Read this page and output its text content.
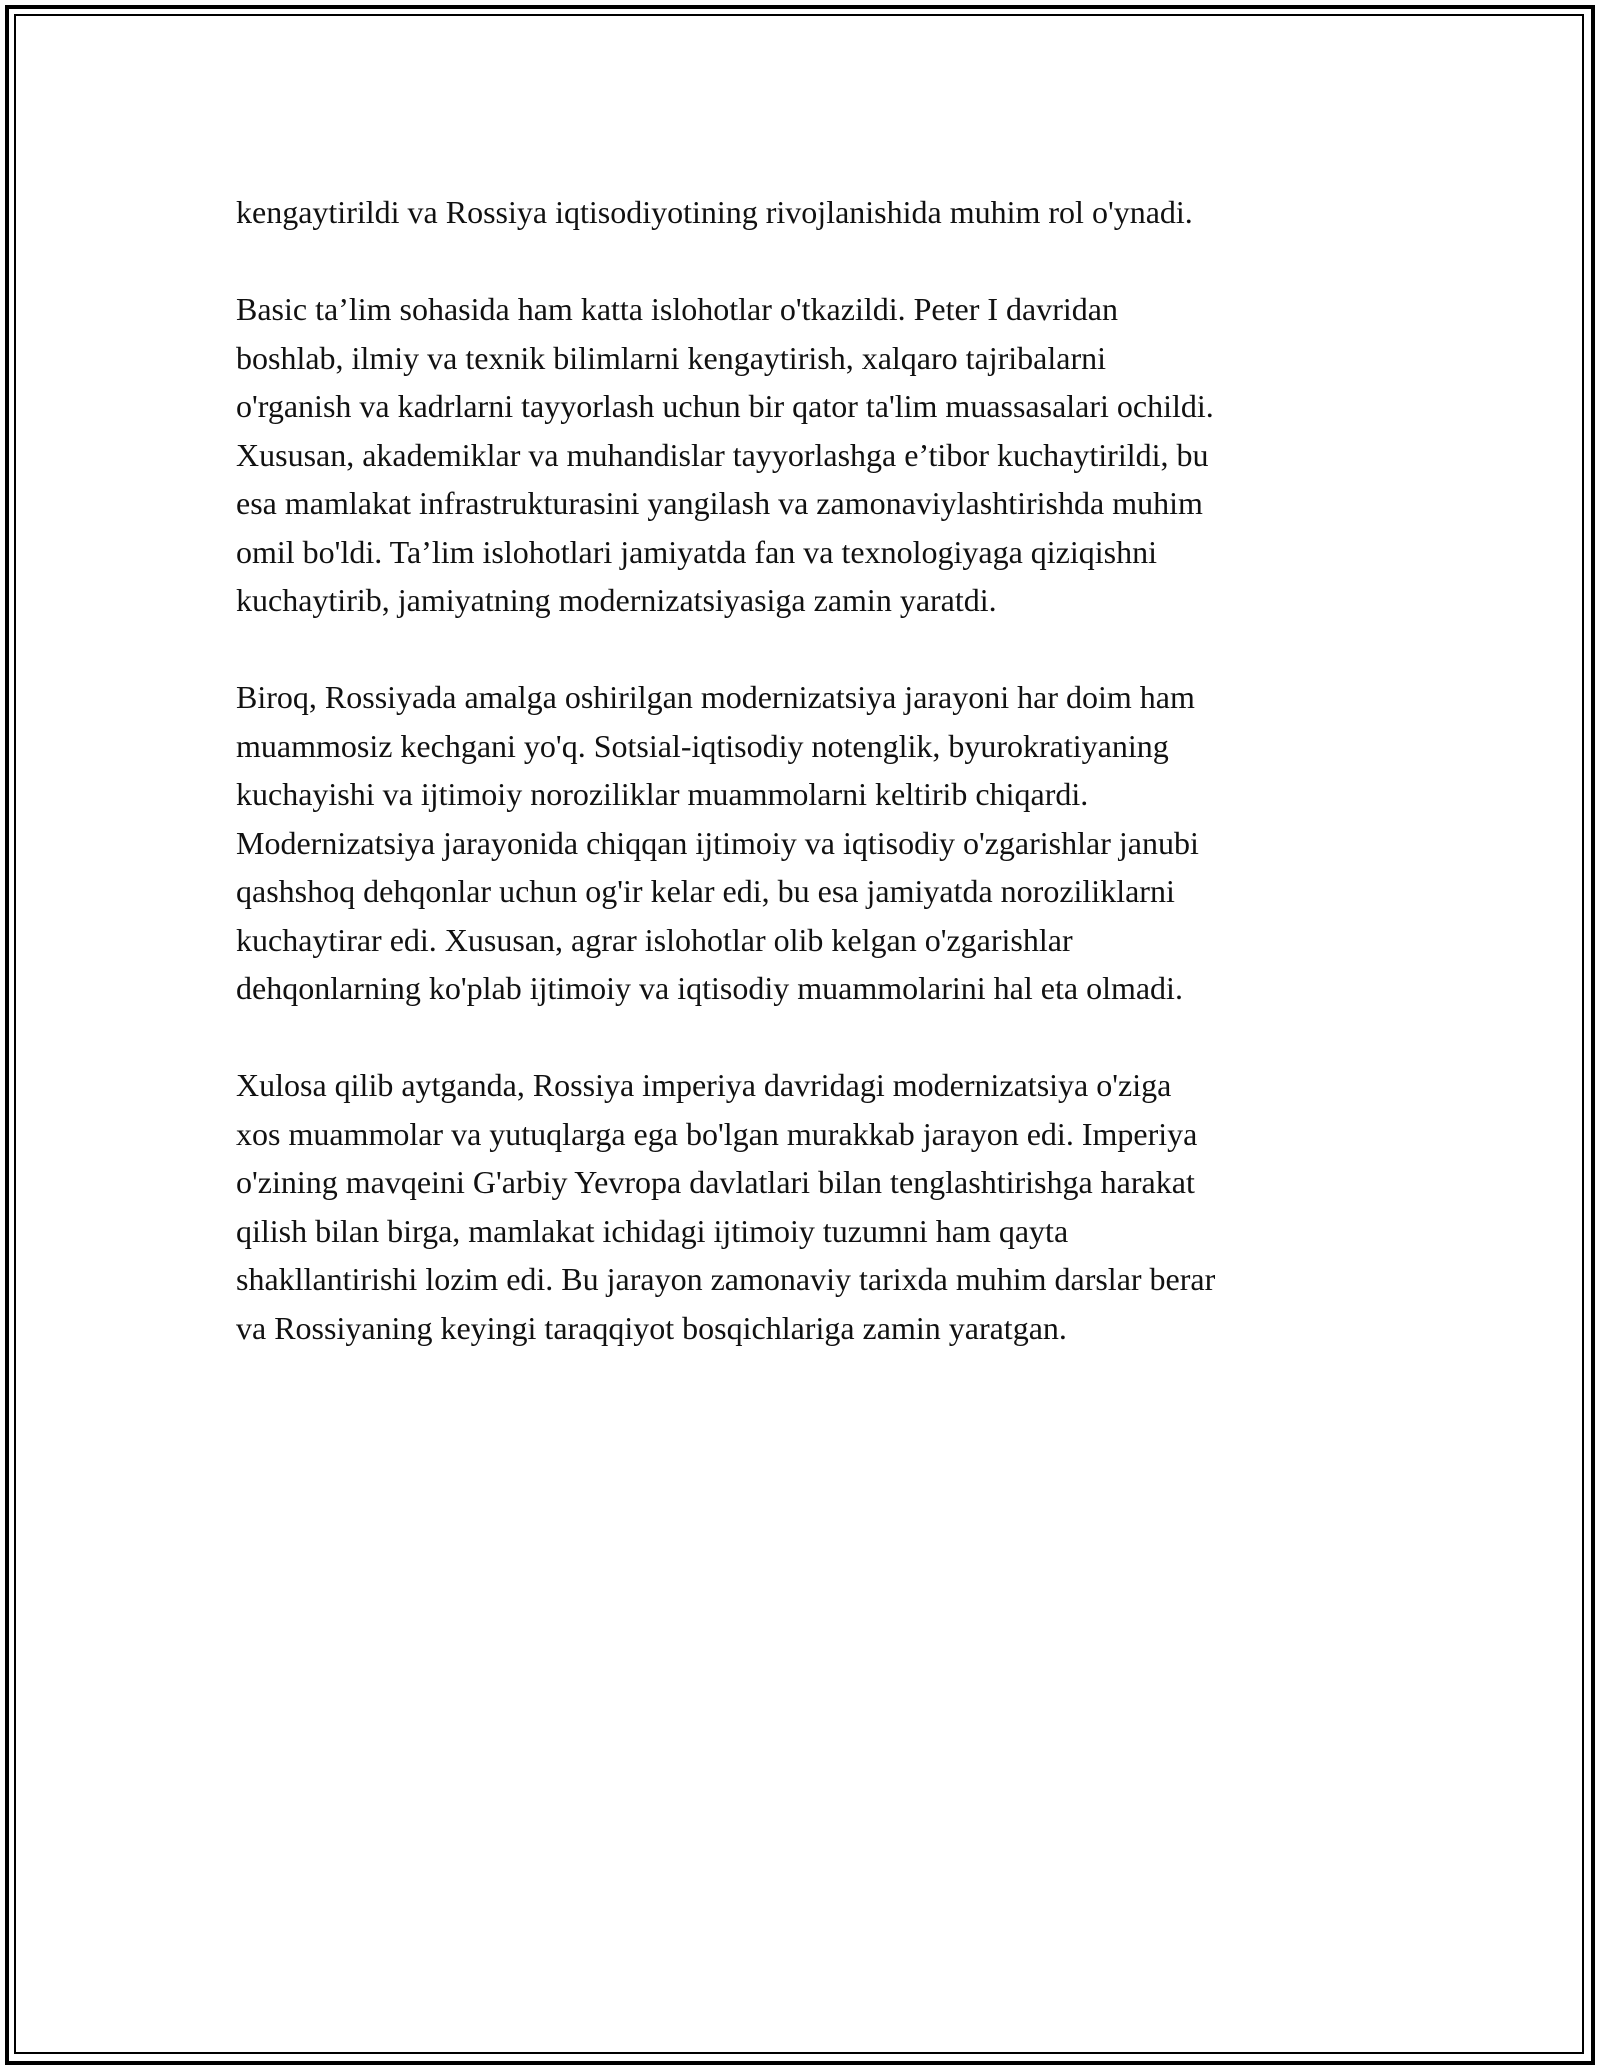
kengaytirildi va Rossiya iqtisodiyotining rivojlanishida muhim rol o'ynadi.
Basic ta’lim sohasida ham katta islohotlar o'tkazildi. Peter I davridan
boshlab, ilmiy va texnik bilimlarni kengaytirish, xalqaro tajribalarni
o'rganish va kadrlarni tayyorlash uchun bir qator ta'lim muassasalari ochildi.
Xususan, akademiklar va muhandislar tayyorlashga e’tibor kuchaytirildi, bu
esa mamlakat infrastrukturasini yangilash va zamonaviylashtirishda muhim
omil bo'ldi. Ta’lim islohotlari jamiyatda fan va texnologiyaga qiziqishni
kuchaytirib, jamiyatning modernizatsiyasiga zamin yaratdi.
Biroq, Rossiyada amalga oshirilgan modernizatsiya jarayoni har doim ham
muammosiz kechgani yo'q. Sotsial-iqtisodiy notenglik, byurokratiyaning
kuchayishi va ijtimoiy noroziliklar muammolarni keltirib chiqardi.
Modernizatsiya jarayonida chiqqan ijtimoiy va iqtisodiy o'zgarishlar janubi
qashshoq dehqonlar uchun og'ir kelar edi, bu esa jamiyatda noroziliklarni
kuchaytirar edi. Xususan, agrar islohotlar olib kelgan o'zgarishlar
dehqonlarning ko'plab ijtimoiy va iqtisodiy muammolarini hal eta olmadi.
Xulosa qilib aytganda, Rossiya imperiya davridagi modernizatsiya o'ziga
xos muammolar va yutuqlarga ega bo'lgan murakkab jarayon edi. Imperiya
o'zining mavqeini G'arbiy Yevropa davlatlari bilan tenglashtirishga harakat
qilish bilan birga, mamlakat ichidagi ijtimoiy tuzumni ham qayta
shakllantirishi lozim edi. Bu jarayon zamonaviy tarixda muhim darslar berar
va Rossiyaning keyingi taraqqiyot bosqichlariga zamin yaratgan.
